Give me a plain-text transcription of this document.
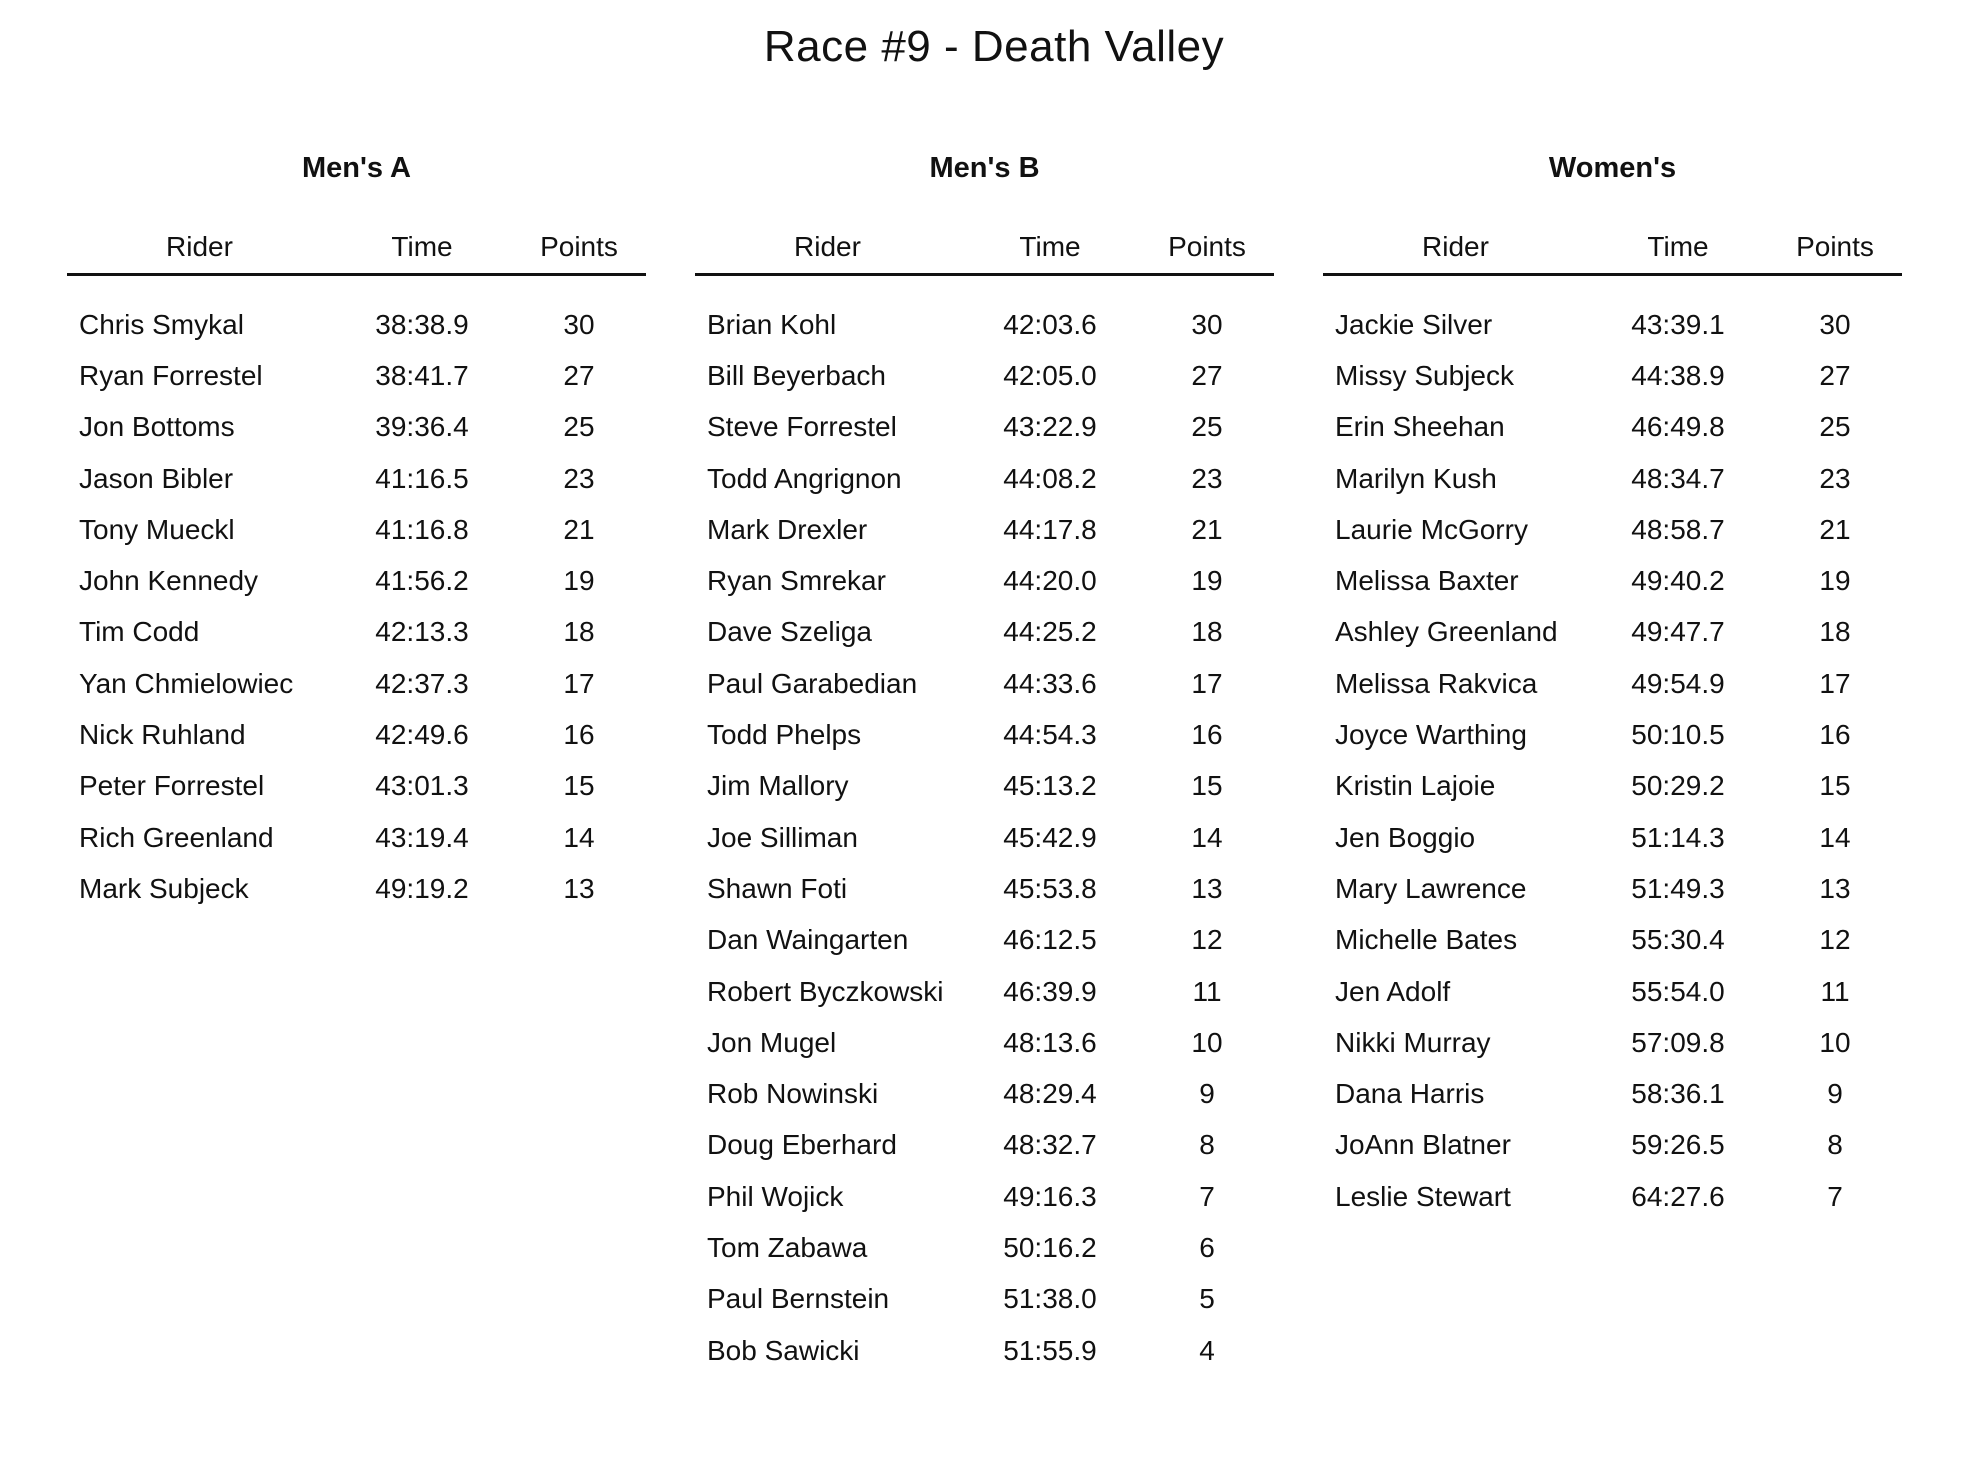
Race #9 - Death Valley
Men's A
Rider	Time	Points
Chris Smykal	38:38.9	30
Ryan Forrestel	38:41.7	27
Jon Bottoms	39:36.4	25
Jason Bibler	41:16.5	23
Tony Mueckl	41:16.8	21
John Kennedy	41:56.2	19
Tim Codd	42:13.3	18
Yan Chmielowiec	42:37.3	17
Nick Ruhland	42:49.6	16
Peter Forrestel	43:01.3	15
Rich Greenland	43:19.4	14
Mark Subjeck	49:19.2	13
Men's B
Rider	Time	Points
Brian Kohl	42:03.6	30
Bill Beyerbach	42:05.0	27
Steve Forrestel	43:22.9	25
Todd Angrignon	44:08.2	23
Mark Drexler	44:17.8	21
Ryan Smrekar	44:20.0	19
Dave Szeliga	44:25.2	18
Paul Garabedian	44:33.6	17
Todd Phelps	44:54.3	16
Jim Mallory	45:13.2	15
Joe Silliman	45:42.9	14
Shawn Foti	45:53.8	13
Dan Waingarten	46:12.5	12
Robert Byczkowski	46:39.9	11
Jon Mugel	48:13.6	10
Rob Nowinski	48:29.4	9
Doug Eberhard	48:32.7	8
Phil Wojick	49:16.3	7
Tom Zabawa	50:16.2	6
Paul Bernstein	51:38.0	5
Bob Sawicki	51:55.9	4
Women's
Rider	Time	Points
Jackie Silver	43:39.1	30
Missy Subjeck	44:38.9	27
Erin Sheehan	46:49.8	25
Marilyn Kush	48:34.7	23
Laurie McGorry	48:58.7	21
Melissa Baxter	49:40.2	19
Ashley Greenland	49:47.7	18
Melissa Rakvica	49:54.9	17
Joyce Warthing	50:10.5	16
Kristin Lajoie	50:29.2	15
Jen Boggio	51:14.3	14
Mary Lawrence	51:49.3	13
Michelle Bates	55:30.4	12
Jen Adolf	55:54.0	11
Nikki Murray	57:09.8	10
Dana Harris	58:36.1	9
JoAnn Blatner	59:26.5	8
Leslie Stewart	64:27.6	7
